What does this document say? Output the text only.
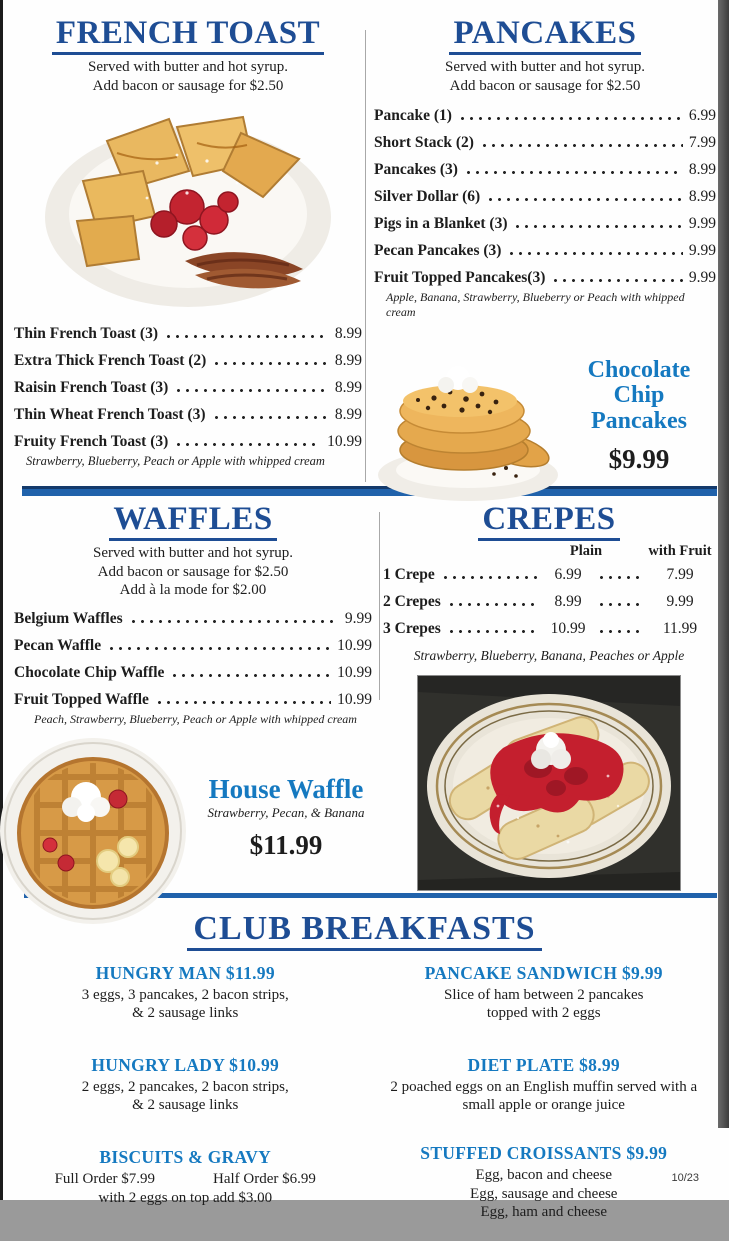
FRENCH TOAST
Served with butter and hot syrup.
Add bacon or sausage for $2.50
Thin French Toast (3)	8.99
Extra Thick French Toast (2)	8.99
Raisin French Toast (3)	8.99
Thin Wheat French Toast (3)	8.99
Fruity French Toast (3)	10.99
Strawberry, Blueberry, Peach or Apple with whipped cream
PANCAKES
Served with butter and hot syrup.
Add bacon or sausage for $2.50
Pancake (1)	6.99
Short Stack (2)	7.99
Pancakes (3)	8.99
Silver Dollar (6)	8.99
Pigs in a Blanket (3)	9.99
Pecan Pancakes (3)	9.99
Fruit Topped Pancakes(3)	9.99
Apple, Banana, Strawberry, Blueberry or Peach with whipped cream
Chocolate Chip
Pancakes
$9.99
WAFFLES
Served with butter and hot syrup.
Add bacon or sausage for $2.50
Add à la mode for $2.00
Belgium Waffles	9.99
Pecan Waffle	10.99
Chocolate Chip Waffle	10.99
Fruit Topped Waffle	10.99
Peach, Strawberry, Blueberry, Peach or Apple with whipped cream
House Waffle
Strawberry, Pecan, & Banana
$11.99
CREPES
Plain	with Fruit
1 Crepe	6.99	7.99
2 Crepes	8.99	9.99
3 Crepes	10.99	11.99
Strawberry, Blueberry, Banana, Peaches or Apple
CLUB BREAKFASTS
HUNGRY MAN $11.99
3 eggs, 3 pancakes, 2 bacon strips,
& 2 sausage links
HUNGRY LADY $10.99
2 eggs, 2 pancakes, 2 bacon strips,
& 2 sausage links
BISCUITS & GRAVY
Full Order $7.99	Half Order $6.99
with 2 eggs on top add $3.00
PANCAKE SANDWICH $9.99
Slice of ham between 2 pancakes
topped with 2 eggs
DIET PLATE $8.99
2 poached eggs on an English muffin served with a
small apple or orange juice
STUFFED CROISSANTS $9.99
Egg, bacon and cheese
Egg, sausage and cheese
Egg, ham and cheese
10/23
